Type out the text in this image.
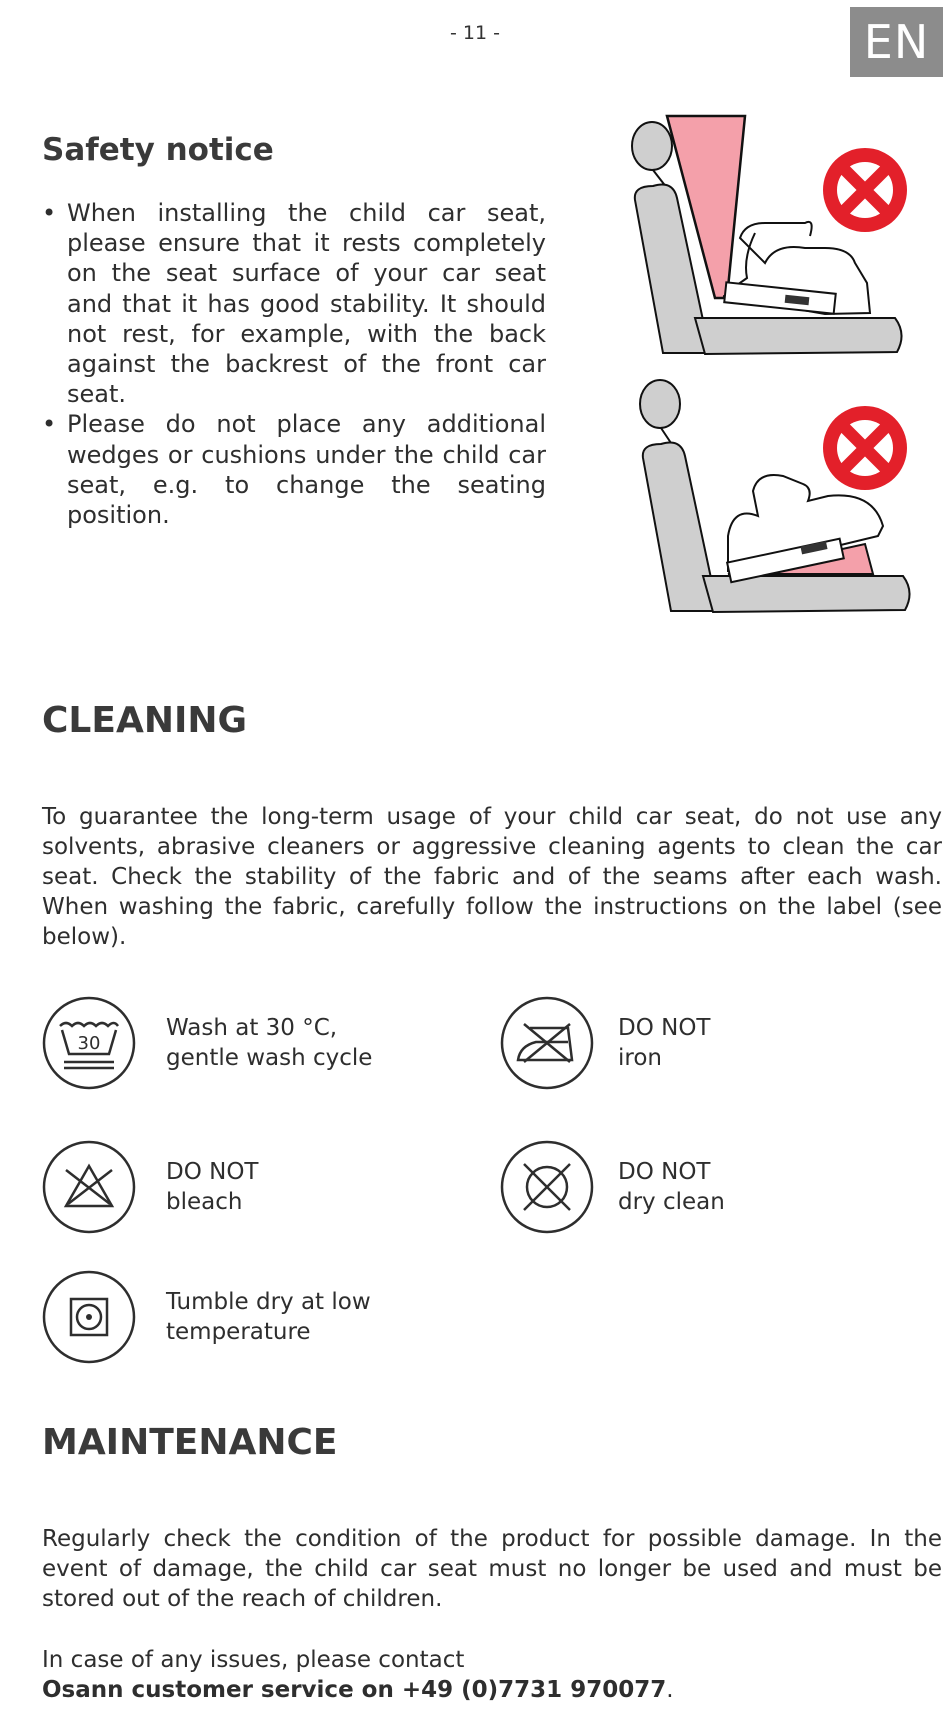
- 11 -	EN
Safety notice
• When installing the child car seat, please ensure that it rests completely on the seat surface of your car seat and that it has good stability. It should not rest, for example, with the back against the backrest of the front car seat.
• Please do not place any additional wedges or cushions under the child car seat, e.g. to change the seating position.
CLEANING

To guarantee the long-term usage of your child car seat, do not use any solvents, abrasive cleaners or aggressive cleaning agents to clean the car seat. Check the stability of the fabric and of the seams after each wash. When washing the fabric, carefully follow the instructions on the label (see below).

30
Wash at 30 °C,
gentle wash cycle
DO NOT
iron
DO NOT
bleach
DO NOT
dry clean
Tumble dry at low
temperature
MAINTENANCE

Regularly check the condition of the product for possible damage. In the event of damage, the child car seat must no longer be used and must be stored out of the reach of children.

In case of any issues, please contact
Osann customer service on +49 (0)7731 970077.
